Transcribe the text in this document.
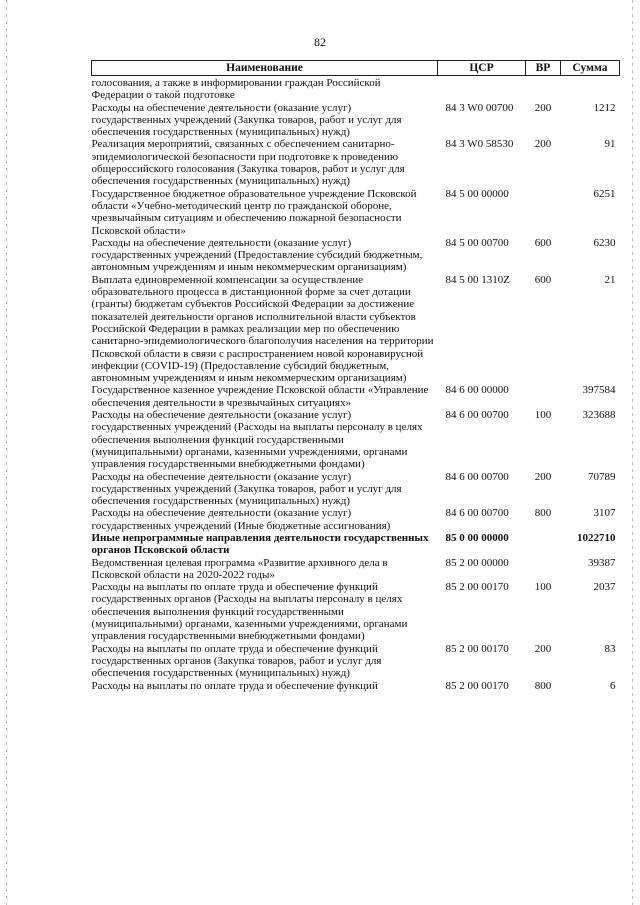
82
Наименование	ЦСР	ВР	Сумма
голосования, а также в информировании граждан Российской Федерации о такой подготовке			
Расходы на обеспечение деятельности (оказание услуг) государственных учреждений (Закупка товаров, работ и услуг для обеспечения государственных (муниципальных) нужд)	84 3 W0 00700	200	1212
Реализация мероприятий, связанных с обеспечением санитарно-эпидемиологической безопасности при подготовке к проведению общероссийского голосования (Закупка товаров, работ и услуг для обеспечения государственных (муниципальных) нужд)	84 3 W0 58530	200	91
Государственное бюджетное образовательное учреждение Псковской области «Учебно-методический центр по гражданской обороне, чрезвычайным ситуациям и обеспечению пожарной безопасности Псковской области»	84 5 00 00000		6251
Расходы на обеспечение деятельности (оказание услуг) государственных учреждений (Предоставление субсидий бюджетным, автономным учреждениям и иным некоммерческим организациям)	84 5 00 00700	600	6230
Выплата единовременной компенсации за осуществление образовательного процесса в дистанционной форме за счет дотации (гранты) бюджетам субъектов Российской Федерации за достижение показателей деятельности органов исполнительной власти субъектов Российской Федерации в рамках реализации мер по обеспечению санитарно-эпидемиологического благополучия населения на территории Псковской области в связи с распространением новой коронавирусной инфекции (COVID-19) (Предоставление субсидий бюджетным, автономным учреждениям и иным некоммерческим организациям)	84 5 00 1310Z	600	21
Государственное казенное учреждение Псковской области «Управление обеспечения деятельности в чрезвычайных ситуациях»	84 6 00 00000		397584
Расходы на обеспечение деятельности (оказание услуг) государственных учреждений (Расходы на выплаты персоналу в целях обеспечения выполнения функций государственными (муниципальными) органами, казенными учреждениями, органами управления государственными внебюджетными фондами)	84 6 00 00700	100	323688
Расходы на обеспечение деятельности (оказание услуг) государственных учреждений (Закупка товаров, работ и услуг для обеспечения государственных (муниципальных) нужд)	84 6 00 00700	200	70789
Расходы на обеспечение деятельности (оказание услуг) государственных учреждений (Иные бюджетные ассигнования)	84 6 00 00700	800	3107
Иные непрограммные направления деятельности государственных органов Псковской области	85 0 00 00000		1022710
Ведомственная целевая программа «Развитие архивного дела в Псковской области на 2020-2022 годы»	85 2 00 00000		39387
Расходы на выплаты по оплате труда и обеспечение функций государственных органов (Расходы на выплаты персоналу в целях обеспечения выполнения функций государственными (муниципальными) органами, казенными учреждениями, органами управления государственными внебюджетными фондами)	85 2 00 00170	100	2037
Расходы на выплаты по оплате труда и обеспечение функций государственных органов (Закупка товаров, работ и услуг для обеспечения государственных (муниципальных) нужд)	85 2 00 00170	200	83
Расходы на выплаты по оплате труда и обеспечение функций	85 2 00 00170	800	6
